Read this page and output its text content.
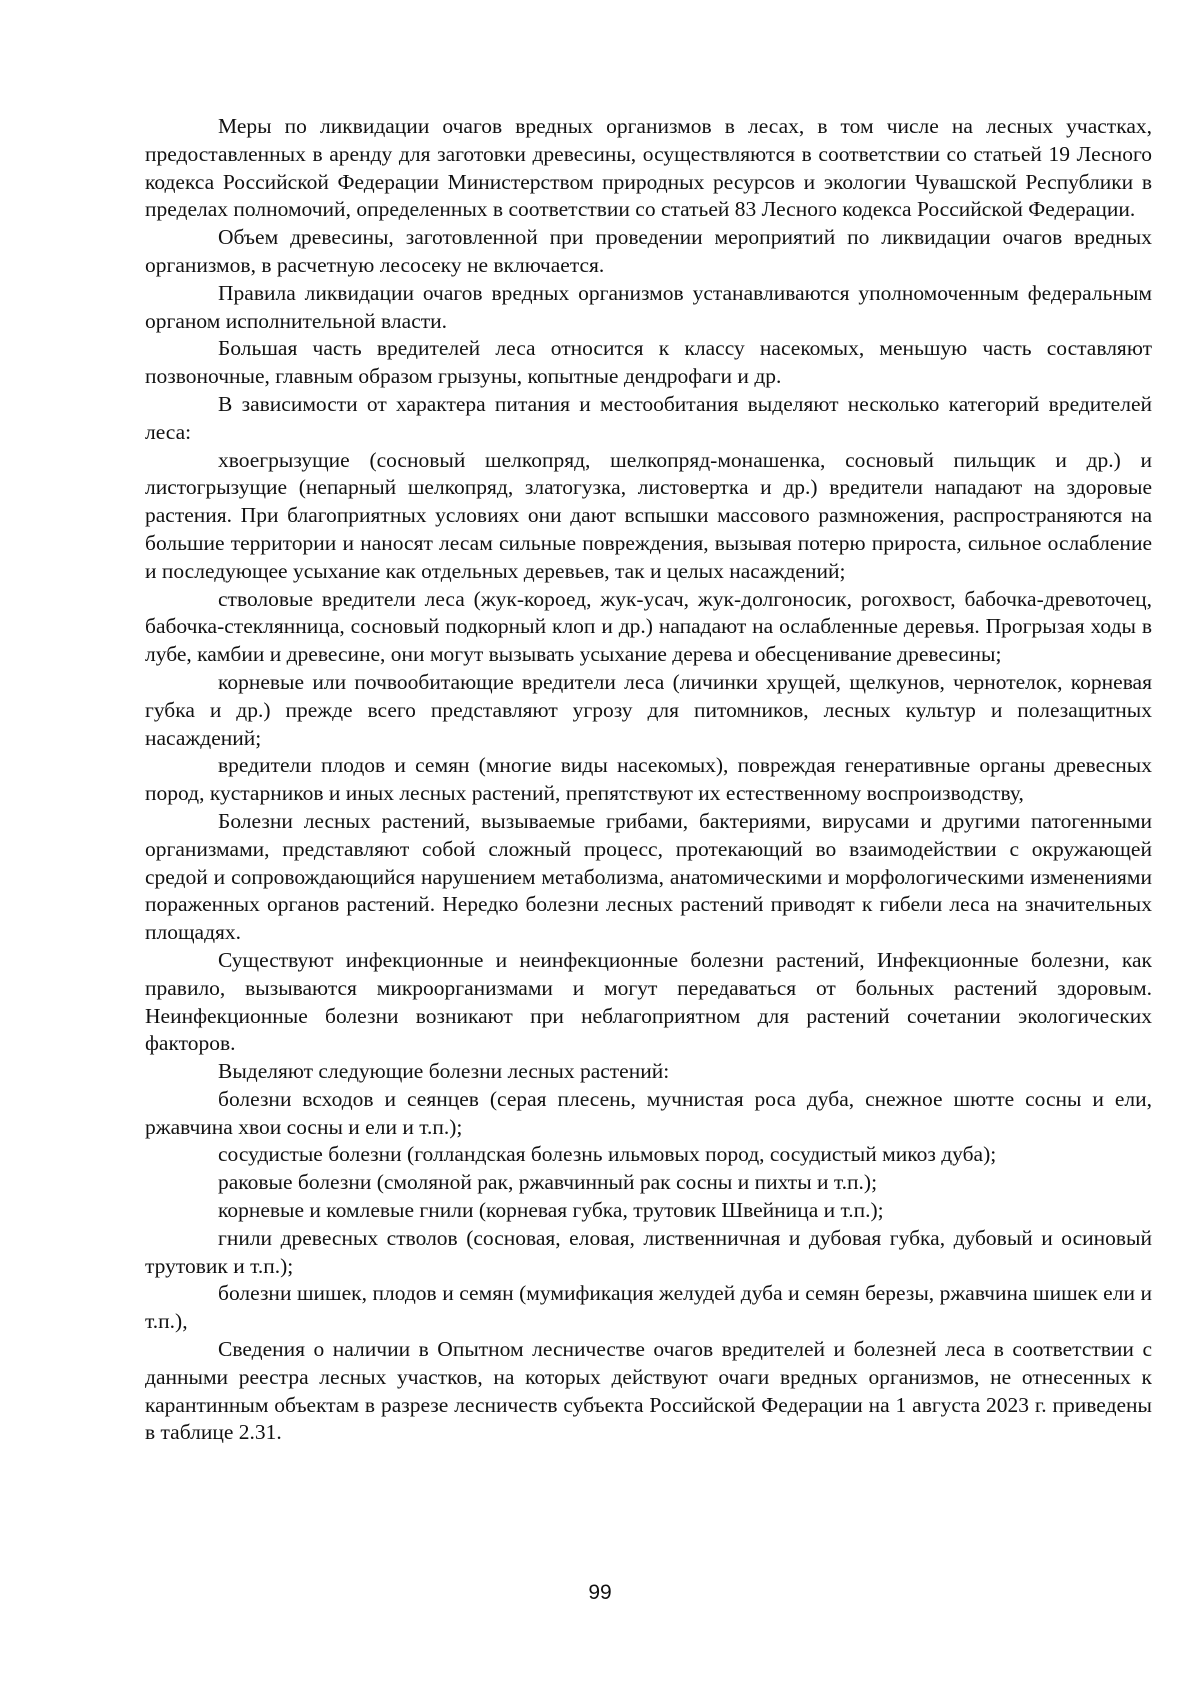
Меры по ликвидации очагов вредных организмов в лесах, в том числе на лесных участках, предоставленных в аренду для заготовки древесины, осуществляются в соответствии со статьей 19 Лесного кодекса Российской Федерации Министерством природных ресурсов и экологии Чувашской Республики в пределах полномочий, определенных в соответствии со статьей 83 Лесного кодекса Российской Федерации.

Объем древесины, заготовленной при проведении мероприятий по ликвидации очагов вредных организмов, в расчетную лесосеку не включается.

Правила ликвидации очагов вредных организмов устанавливаются уполномоченным федеральным органом исполнительной власти.

Большая часть вредителей леса относится к классу насекомых, меньшую часть составляют позвоночные, главным образом грызуны, копытные дендрофаги и др.

В зависимости от характера питания и местообитания выделяют несколько категорий вредителей леса:

хвоегрызущие (сосновый шелкопряд, шелкопряд-монашенка, сосновый пильщик и др.) и листогрызущие (непарный шелкопряд, златогузка, листовертка и др.) вредители нападают на здоровые растения. При благоприятных условиях они дают вспышки массового размножения, распространяются на большие территории и наносят лесам сильные повреждения, вызывая потерю прироста, сильное ослабление и последующее усыхание как отдельных деревьев, так и целых насаждений;

стволовые вредители леса (жук-короед, жук-усач, жук-долгоносик, рогохвост, бабочка-древоточец, бабочка-стеклянница, сосновый подкорный клоп и др.) нападают на ослабленные деревья. Прогрызая ходы в лубе, камбии и древесине, они могут вызывать усыхание дерева и обесценивание древесины;

корневые или почвообитающие вредители леса (личинки хрущей, щелкунов, чернотелок, корневая губка и др.) прежде всего представляют угрозу для питомников, лесных культур и полезащитных насаждений;

вредители плодов и семян (многие виды насекомых), повреждая генеративные органы древесных пород, кустарников и иных лесных растений, препятствуют их естественному воспроизводству,

Болезни лесных растений, вызываемые грибами, бактериями, вирусами и другими патогенными организмами, представляют собой сложный процесс, протекающий во взаимодействии с окружающей средой и сопровождающийся нарушением метаболизма, анатомическими и морфологическими изменениями пораженных органов растений. Нередко болезни лесных растений приводят к гибели леса на значительных площадях.

Существуют инфекционные и неинфекционные болезни растений, Инфекционные болезни, как правило, вызываются микроорганизмами и могут передаваться от больных растений здоровым. Неинфекционные болезни возникают при неблагоприятном для растений сочетании экологических факторов.

Выделяют следующие болезни лесных растений:

болезни всходов и сеянцев (серая плесень, мучнистая роса дуба, снежное шютте сосны и ели, ржавчина хвои сосны и ели и т.п.);

сосудистые болезни (голландская болезнь ильмовых пород, сосудистый микоз дуба);

раковые болезни (смоляной рак, ржавчинный рак сосны и пихты и т.п.);

корневые и комлевые гнили (корневая губка, трутовик Швейница и т.п.);

гнили древесных стволов (сосновая, еловая, лиственничная и дубовая губка, дубовый и осиновый трутовик и т.п.);

болезни шишек, плодов и семян (мумификация желудей дуба и семян березы, ржавчина шишек ели и т.п.),

Сведения о наличии в Опытном лесничестве очагов вредителей и болезней леса в соответствии с данными реестра лесных участков, на которых действуют очаги вредных организмов, не отнесенных к карантинным объектам в разрезе лесничеств субъекта Российской Федерации на 1 августа 2023 г. приведены в таблице 2.31.

99
